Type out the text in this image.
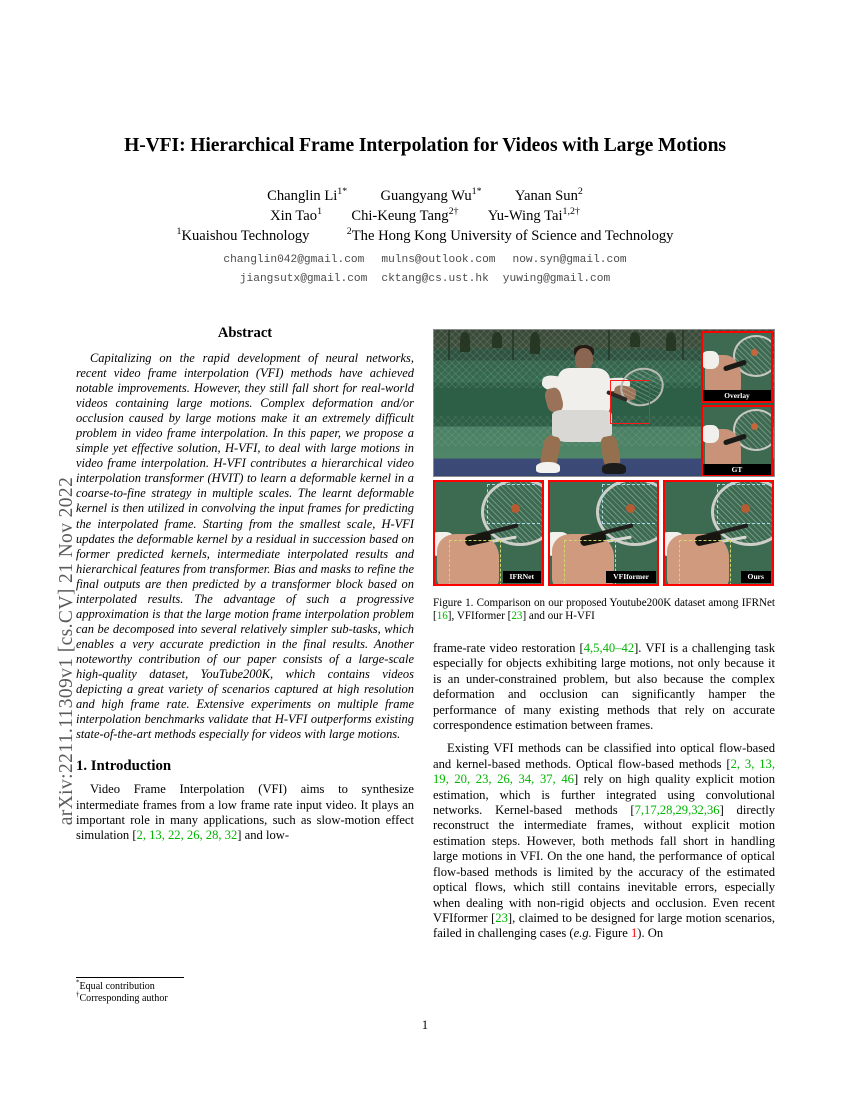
arXiv:2211.11309v1 [cs.CV] 21 Nov 2022
H-VFI: Hierarchical Frame Interpolation for Videos with Large Motions
Changlin $Li^{1*}$ Guangyang $Wu^{1*}$ Yanan Sun$^2$
Xin Tao$^1$ Chi-Keung Tang$^{2\dagger}$ Yu-Wing Tai$^{1,2\dagger}$
$^1$Kuaishou Technology	$^2$The Hong Kong University of Science and Technology
changlin042@gmail.com mulns@outlook.com now.syn@gmail.com
jiangsutx@gmail.com cktang@cs.ust.hk yuwing@gmail.com
Abstract

Capitalizing on the rapid development of neural networks, recent video frame interpolation (VFI) methods have achieved notable improvements. However, they still fall short for real-world videos containing large motions. Complex deformation and/or occlusion caused by large motions make it an extremely difficult problem in video frame interpolation. In this paper, we propose a simple yet effective solution, H-VFI, to deal with large motions in video frame interpolation. H-VFI contributes a hierarchical video interpolation transformer (HVIT) to learn a deformable kernel in a coarse-to-fine strategy in multiple scales. The learnt deformable kernel is then utilized in convolving the input frames for predicting the interpolated frame. Starting from the smallest scale, H-VFI updates the deformable kernel by a residual in succession based on former predicted kernels, intermediate interpolated results and hierarchical features from transformer. Bias and masks to refine the final outputs are then predicted by a transformer block based on interpolated results. The advantage of such a progressive approximation is that the large motion frame interpolation problem can be decomposed into several relatively simpler sub-tasks, which enables a very accurate prediction in the final results. Another noteworthy contribution of our paper consists of a large-scale high-quality dataset, YouTube200K, which contains videos depicting a great variety of scenarios captured at high resolution and high frame rate. Extensive experiments on multiple frame interpolation benchmarks validate that H-VFI outperforms existing state-of-the-art methods especially for videos with large motions.

1. Introduction

Video Frame Interpolation (VFI) aims to synthesize intermediate frames from a low frame rate input video. It plays an important role in many applications, such as slow-motion effect simulation [2, 13, 22, 26, 28, 32] and low-

*Equal contribution
†Corresponding author
1
Overlay
GT
IFRNet	VFIformer	Ours
Figure 1. Comparison on our proposed Youtube200K dataset among IFRNet [16], VFIformer [23] and our H-VFI

frame-rate video restoration [4,5,40–42]. VFI is a challenging task especially for objects exhibiting large motions, not only because it is an under-constrained problem, but also because the complex deformation and occlusion can significantly hamper the performance of many existing methods that rely on accurate correspondence estimation between frames.

Existing VFI methods can be classified into optical flow-based and kernel-based methods. Optical flow-based methods [2, 3, 13, 19, 20, 23, 26, 34, 37, 46] rely on high quality explicit motion estimation, which is further integrated using convolutional networks. Kernel-based methods [7,17,28,29,32,36] directly reconstruct the intermediate frames, without explicit motion estimation steps. However, both methods fall short in handling large motions in VFI. On the one hand, the performance of optical flow-based methods is limited by the accuracy of the estimated optical flows, which still contains inevitable errors, especially when dealing with non-rigid objects and occlusion. Even recent VFIformer [23], claimed to be designed for large motion scenarios, failed in challenging cases (e.g. Figure 1). On
